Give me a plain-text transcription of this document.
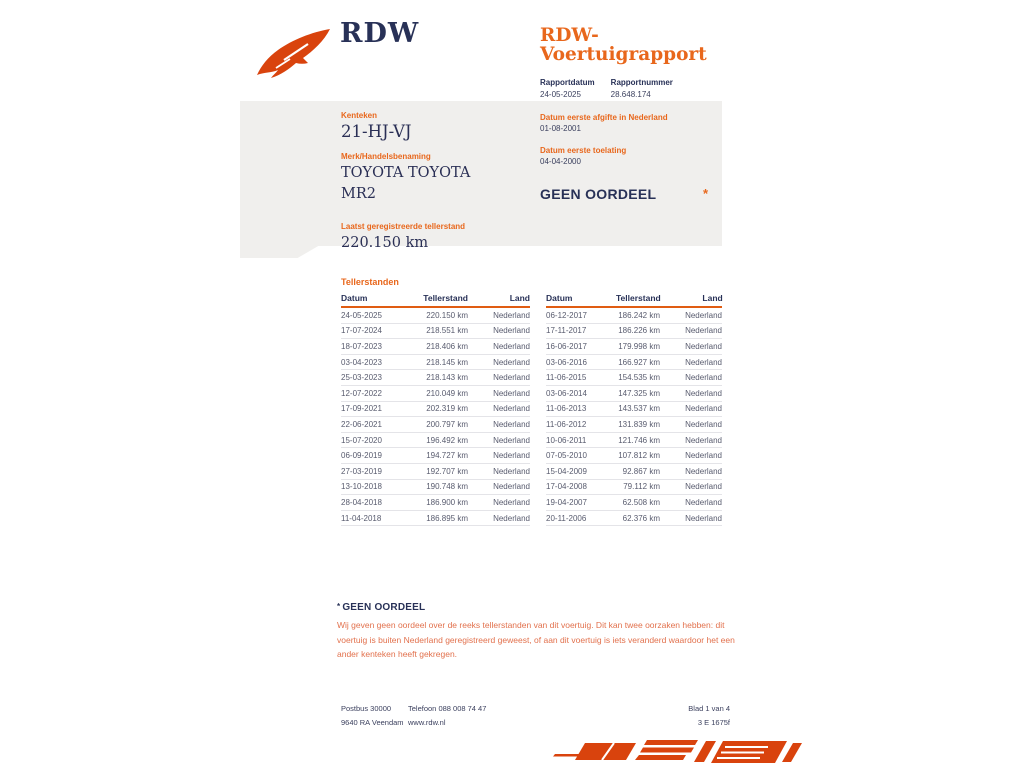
RDW	RDW-Voertuigrapport
Rapportdatum
24-05-2025
Rapportnummer
28.648.174
Kenteken
21-HJ-VJ
Merk/Handelsbenaming
TOYOTA TOYOTA
MR2
Laatst geregistreerde tellerstand
220.150 km
Datum eerste afgifte in Nederland
01-08-2001
Datum eerste toelating
04-04-2000
GEEN OORDEEL	*
Tellerstanden
Datum	Tellerstand	Land
24-05-2025	220.150 km	Nederland
17-07-2024	218.551 km	Nederland
18-07-2023	218.406 km	Nederland
03-04-2023	218.145 km	Nederland
25-03-2023	218.143 km	Nederland
12-07-2022	210.049 km	Nederland
17-09-2021	202.319 km	Nederland
22-06-2021	200.797 km	Nederland
15-07-2020	196.492 km	Nederland
06-09-2019	194.727 km	Nederland
27-03-2019	192.707 km	Nederland
13-10-2018	190.748 km	Nederland
28-04-2018	186.900 km	Nederland
11-04-2018	186.895 km	Nederland
Datum	Tellerstand	Land
06-12-2017	186.242 km	Nederland
17-11-2017	186.226 km	Nederland
16-06-2017	179.998 km	Nederland
03-06-2016	166.927 km	Nederland
11-06-2015	154.535 km	Nederland
03-06-2014	147.325 km	Nederland
11-06-2013	143.537 km	Nederland
11-06-2012	131.839 km	Nederland
10-06-2011	121.746 km	Nederland
07-05-2010	107.812 km	Nederland
15-04-2009	92.867 km	Nederland
17-04-2008	79.112 km	Nederland
19-04-2007	62.508 km	Nederland
20-11-2006	62.376 km	Nederland
* GEEN OORDEEL
Wij geven geen oordeel over de reeks tellerstanden van dit voertuig. Dit kan twee oorzaken hebben: dit voertuig is buiten Nederland geregistreerd geweest, of aan dit voertuig is iets veranderd waardoor het een ander kenteken heeft gekregen.
Postbus 30000
9640 RA Veendam
Telefoon 088 008 74 47
www.rdw.nl
Blad 1 van 4
3 E 1675f
